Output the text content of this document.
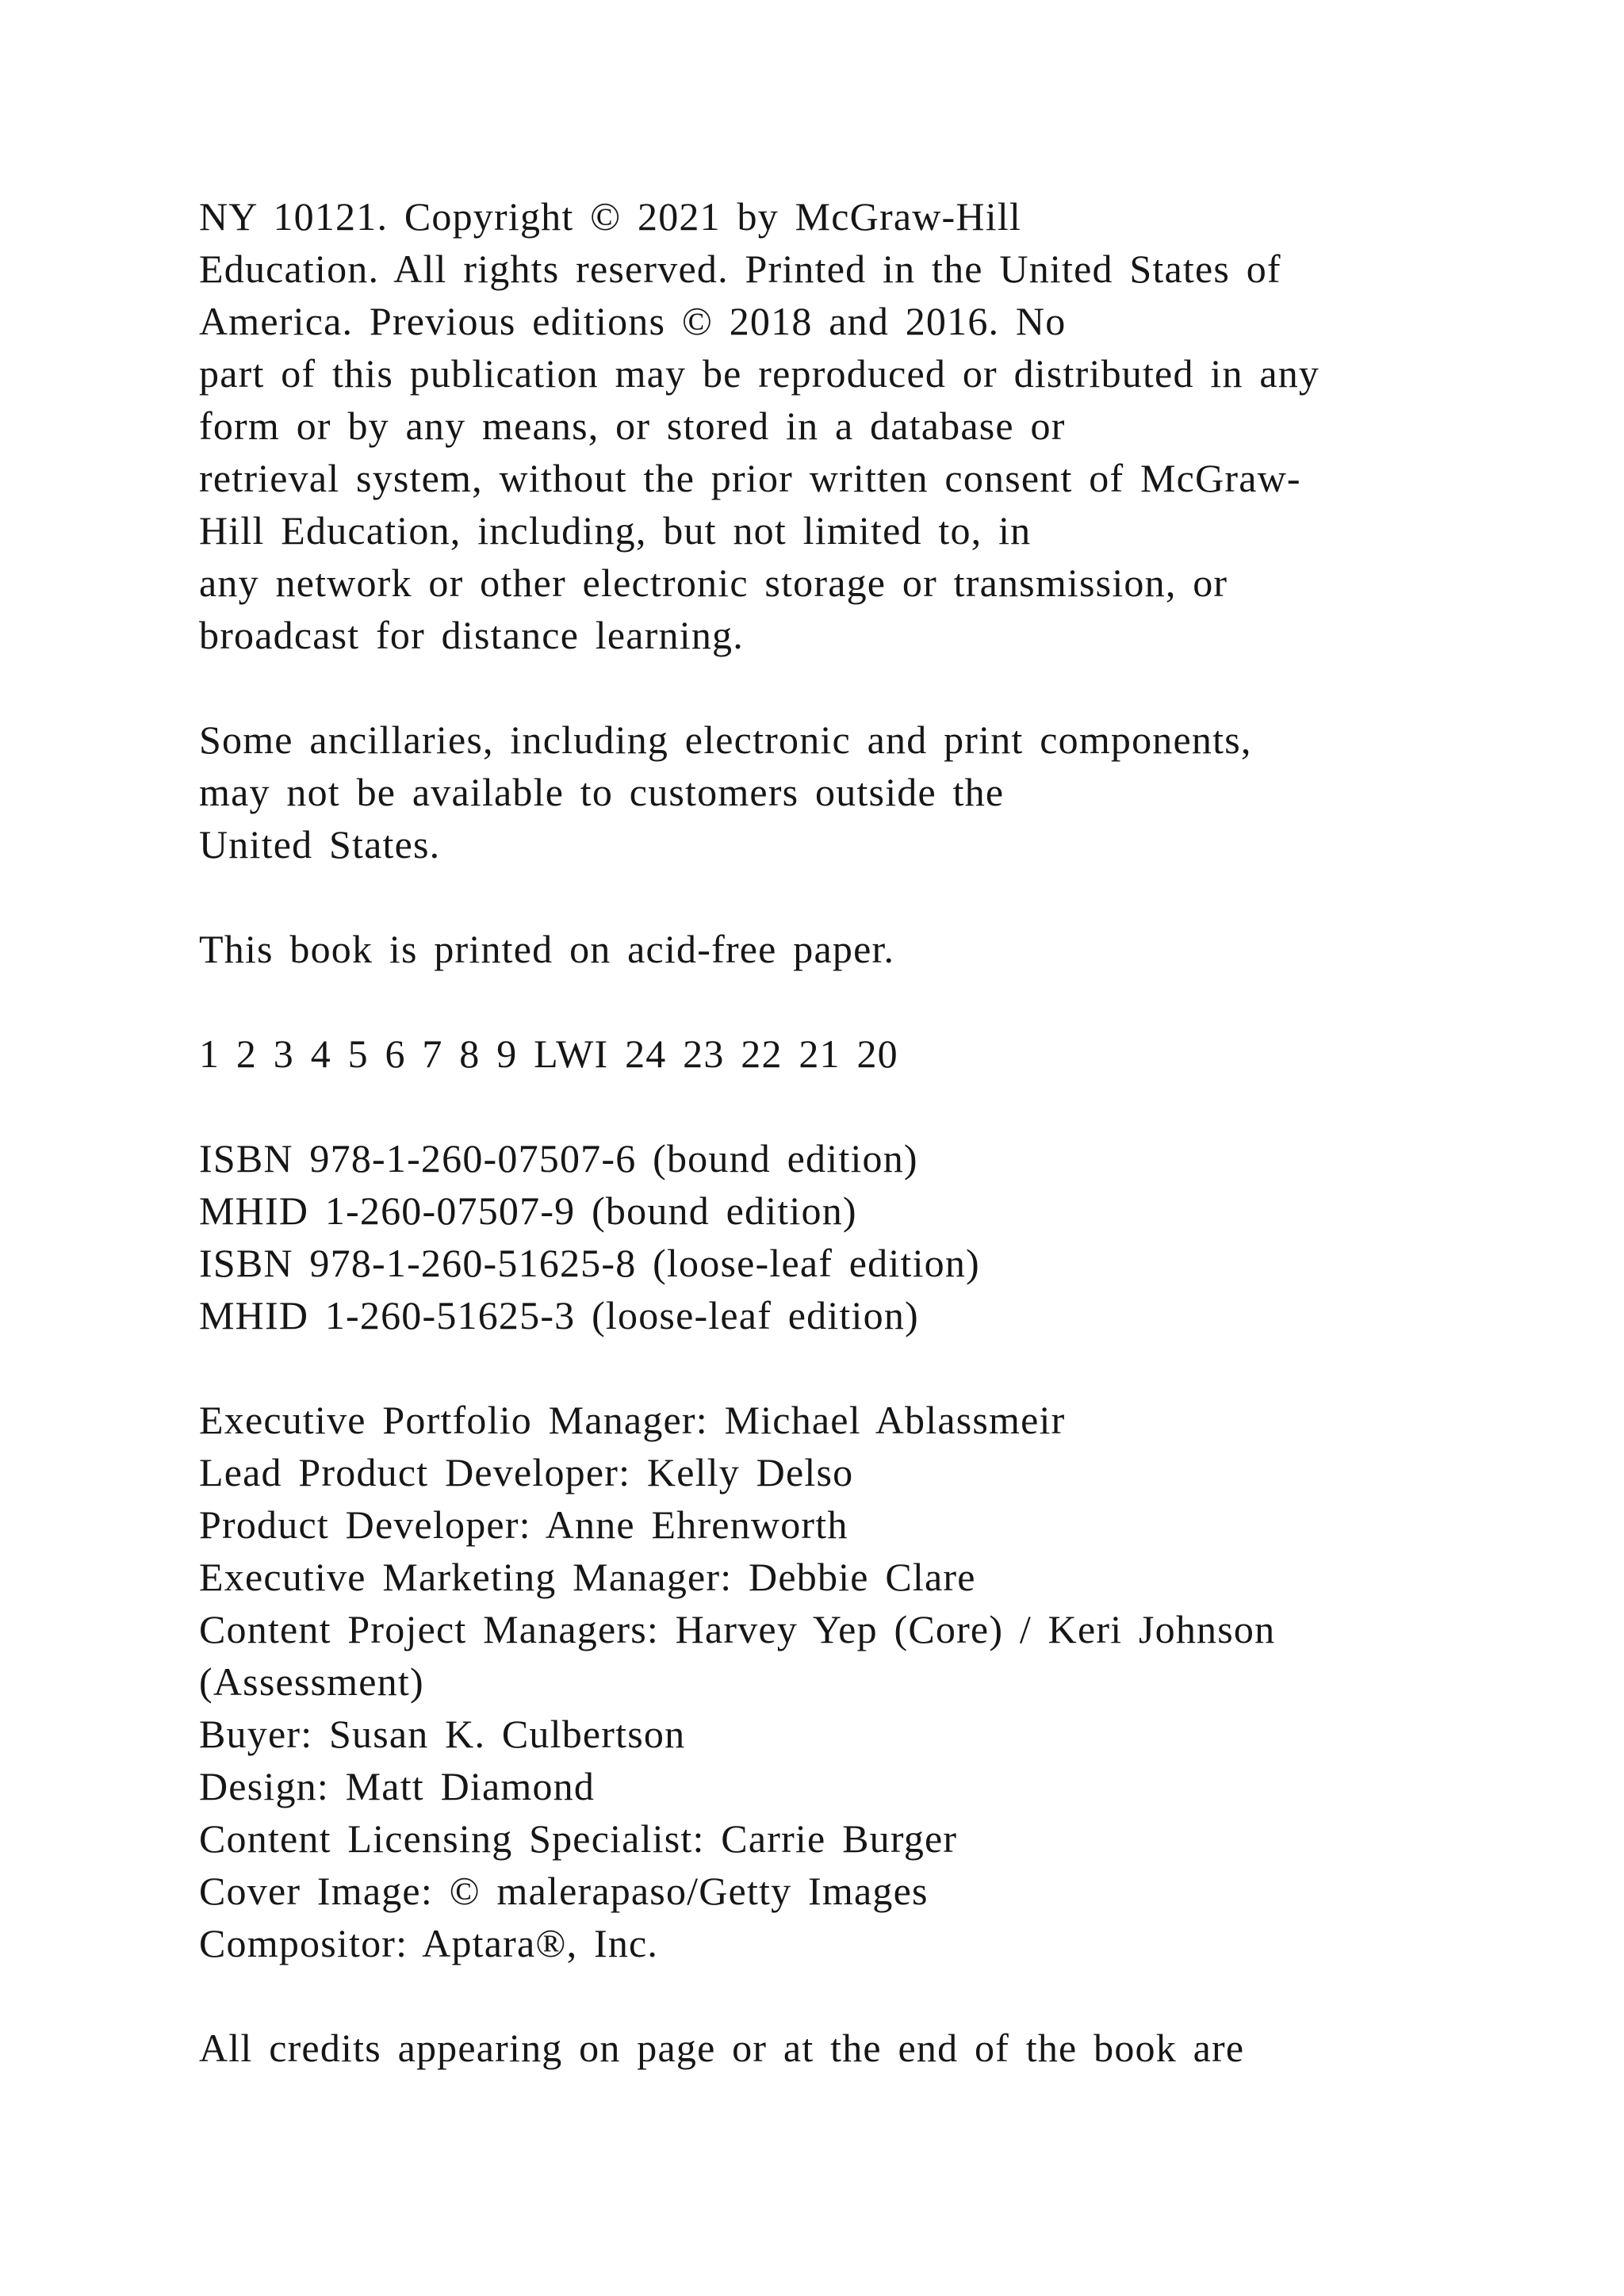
NY 10121. Copyright © 2021 by McGraw-Hill
Education. All rights reserved. Printed in the United States of
America. Previous editions © 2018 and 2016. No
part of this publication may be reproduced or distributed in any
form or by any means, or stored in a database or
retrieval system, without the prior written consent of McGraw-
Hill Education, including, but not limited to, in
any network or other electronic storage or transmission, or
broadcast for distance learning.
Some ancillaries, including electronic and print components,
may not be available to customers outside the
United States.
This book is printed on acid-free paper.
1 2 3 4 5 6 7 8 9 LWI 24 23 22 21 20
ISBN 978-1-260-07507-6 (bound edition)
MHID 1-260-07507-9 (bound edition)
ISBN 978-1-260-51625-8 (loose-leaf edition)
MHID 1-260-51625-3 (loose-leaf edition)
Executive Portfolio Manager: Michael Ablassmeir
Lead Product Developer: Kelly Delso
Product Developer: Anne Ehrenworth
Executive Marketing Manager: Debbie Clare
Content Project Managers: Harvey Yep (Core) / Keri Johnson
(Assessment)
Buyer: Susan K. Culbertson
Design: Matt Diamond
Content Licensing Specialist: Carrie Burger
Cover Image: © malerapaso/Getty Images
Compositor: Aptara®, Inc.
All credits appearing on page or at the end of the book are
